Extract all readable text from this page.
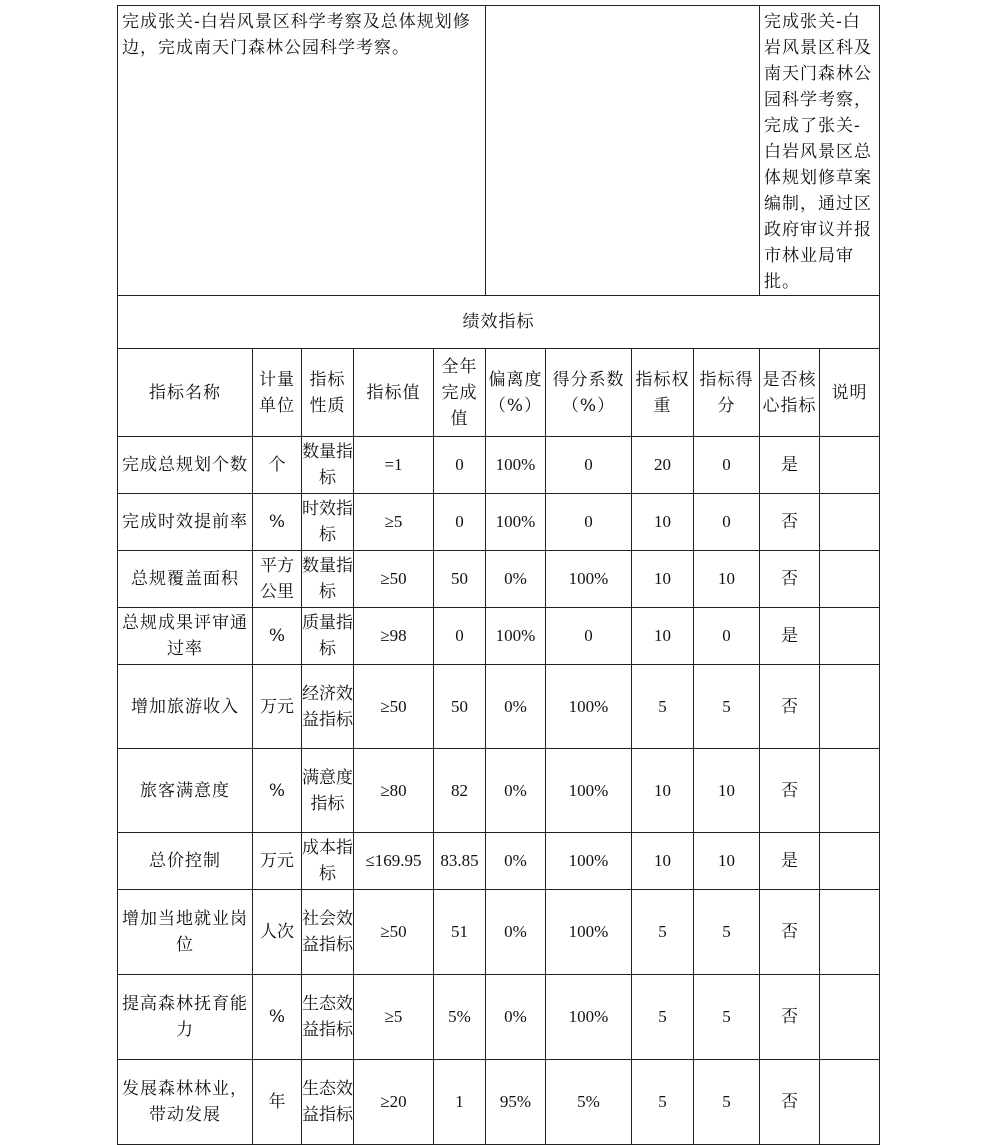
完成张关-白岩风景区科学考察及总体规划修边，完成南天门森林公园科学考察。									完成张关-白岩风景区科及南天门森林公园科学考察，完成了张关-白岩风景区总体规划修草案编制，通过区政府审议并报市林业局审批。	
绩效指标										
指标名称	计量单位	指标性质	指标值	全年完成值	偏离度（%）	得分系数（%）	指标权重	指标得分	是否核心指标	说明
完成总规划个数	个	数量指标	=1	0	100%	0	20	0	是	
完成时效提前率	%	时效指标	≥5	0	100%	0	10	0	否	
总规覆盖面积	平方公里	数量指标	≥50	50	0%	100%	10	10	否	
总规成果评审通过率	%	质量指标	≥98	0	100%	0	10	0	是	
增加旅游收入	万元	经济效益指标	≥50	50	0%	100%	5	5	否	
旅客满意度	%	满意度指标	≥80	82	0%	100%	10	10	否	
总价控制	万元	成本指标	≤169.95	83.85	0%	100%	10	10	是	
增加当地就业岗位	人次	社会效益指标	≥50	51	0%	100%	5	5	否	
提高森林抚育能力	%	生态效益指标	≥5	5%	0%	100%	5	5	否	
发展森林林业，带动发展	年	生态效益指标	≥20	1	95%	5%	5	5	否	
